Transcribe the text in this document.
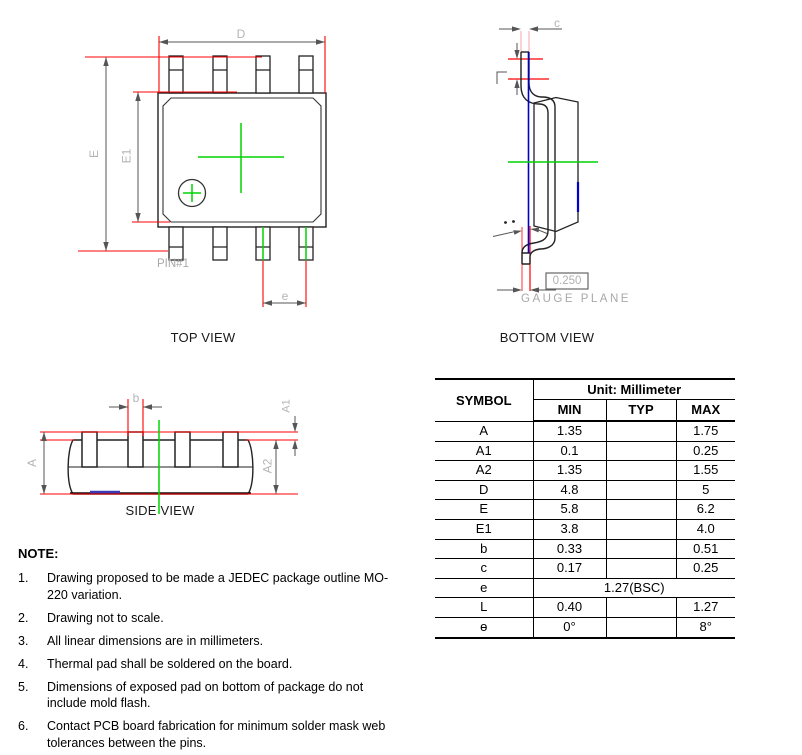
D
E E1
e
PIN#1
c
0.250
GAUGE PLANE
b
A
A1
A2
TOP VIEW	BOTTOM VIEW
SIDE VIEW
SYMBOL	Unit: Millimeter		
	MIN	TYP	MAX
A	1.35		1.75
A1	0.1		0.25
A2	1.35		1.55
D	4.8		5
E	5.8		6.2
E1	3.8		4.0
b	0.33		0.51
c	0.17		0.25
e	1.27(BSC)		
L	0.40		1.27
ɵ	0°		8°
NOTE:
1.	Drawing proposed to be made a JEDEC package outline MO-
220 variation.
2.	Drawing not to scale.
3.	All linear dimensions are in millimeters.
4.	Thermal pad shall be soldered on the board.
5.	Dimensions of exposed pad on bottom of package do not
include mold flash.
6.	Contact PCB board fabrication for minimum solder mask web
tolerances between the pins.
